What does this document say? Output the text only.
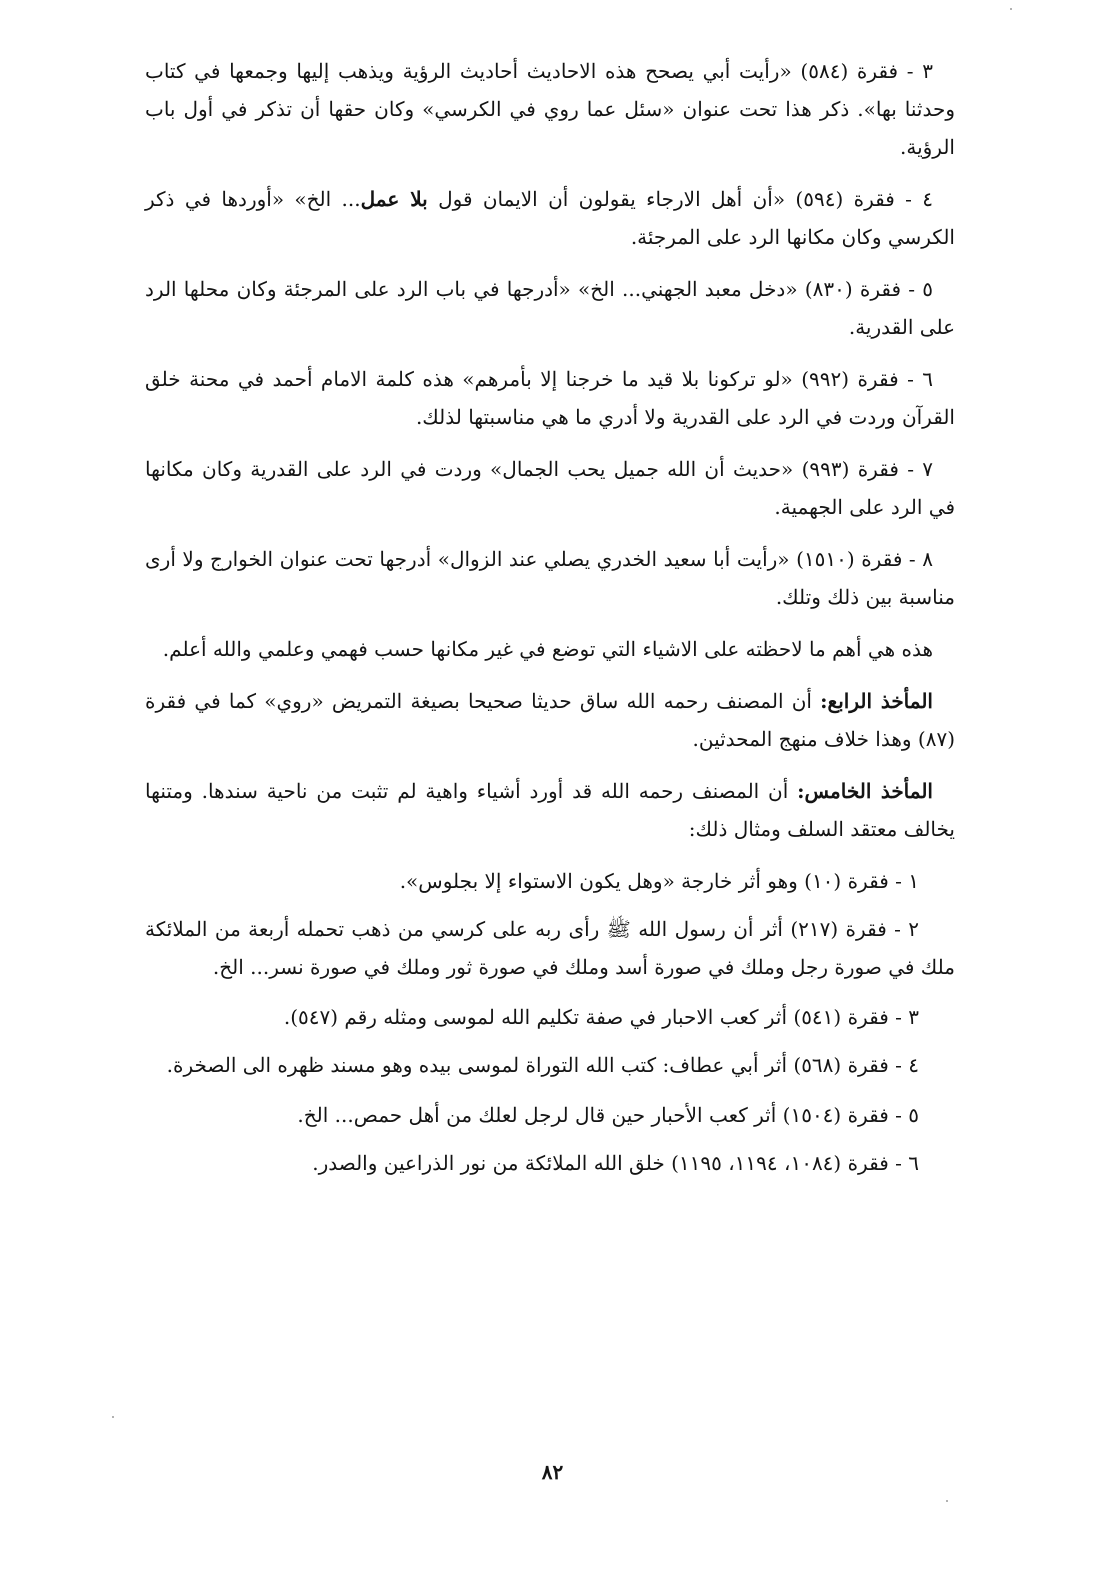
٣ - فقرة (٥٨٤) «رأيت أبي يصحح هذه الاحاديث أحاديث الرؤية ويذهب إليها وجمعها في كتاب وحدثنا بها». ذكر هذا تحت عنوان «سئل عما روي في الكرسي» وكان حقها أن تذكر في أول باب الرؤية.

٤ - فقرة (٥٩٤) «أن أهل الارجاء يقولون أن الايمان قول بلا عمل... الخ» «أوردها في ذكر الكرسي وكان مكانها الرد على المرجئة.

٥ - فقرة (٨٣٠) «دخل معبد الجهني... الخ» «أدرجها في باب الرد على المرجئة وكان محلها الرد على القدرية.

٦ - فقرة (٩٩٢) «لو تركونا بلا قيد ما خرجنا إلا بأمرهم» هذه كلمة الامام أحمد في محنة خلق القرآن وردت في الرد على القدرية ولا أدري ما هي مناسبتها لذلك.

٧ - فقرة (٩٩٣) «حديث أن الله جميل يحب الجمال» وردت في الرد على القدرية وكان مكانها في الرد على الجهمية.

٨ - فقرة (١٥١٠) «رأيت أبا سعيد الخدري يصلي عند الزوال» أدرجها تحت عنوان الخوارج ولا أرى مناسبة بين ذلك وتلك.

هذه هي أهم ما لاحظته على الاشياء التي توضع في غير مكانها حسب فهمي وعلمي والله أعلم.

المأخذ الرابع: أن المصنف رحمه الله ساق حديثا صحيحا بصيغة التمريض «روي» كما في فقرة (٨٧) وهذا خلاف منهج المحدثين.

المأخذ الخامس: أن المصنف رحمه الله قد أورد أشياء واهية لم تثبت من ناحية سندها. ومتنها يخالف معتقد السلف ومثال ذلك:

١ - فقرة (١٠) وهو أثر خارجة «وهل يكون الاستواء إلا بجلوس».

٢ - فقرة (٢١٧) أثر أن رسول الله ﷺ رأى ربه على كرسي من ذهب تحمله أربعة من الملائكة ملك في صورة رجل وملك في صورة أسد وملك في صورة ثور وملك في صورة نسر... الخ.

٣ - فقرة (٥٤١) أثر كعب الاحبار في صفة تكليم الله لموسى ومثله رقم (٥٤٧).

٤ - فقرة (٥٦٨) أثر أبي عطاف: كتب الله التوراة لموسى بيده وهو مسند ظهره الى الصخرة.

٥ - فقرة (١٥٠٤) أثر كعب الأحبار حين قال لرجل لعلك من أهل حمص... الخ.

٦ - فقرة (١٠٨٤، ١١٩٤، ١١٩٥) خلق الله الملائكة من نور الذراعين والصدر.

٨٢
